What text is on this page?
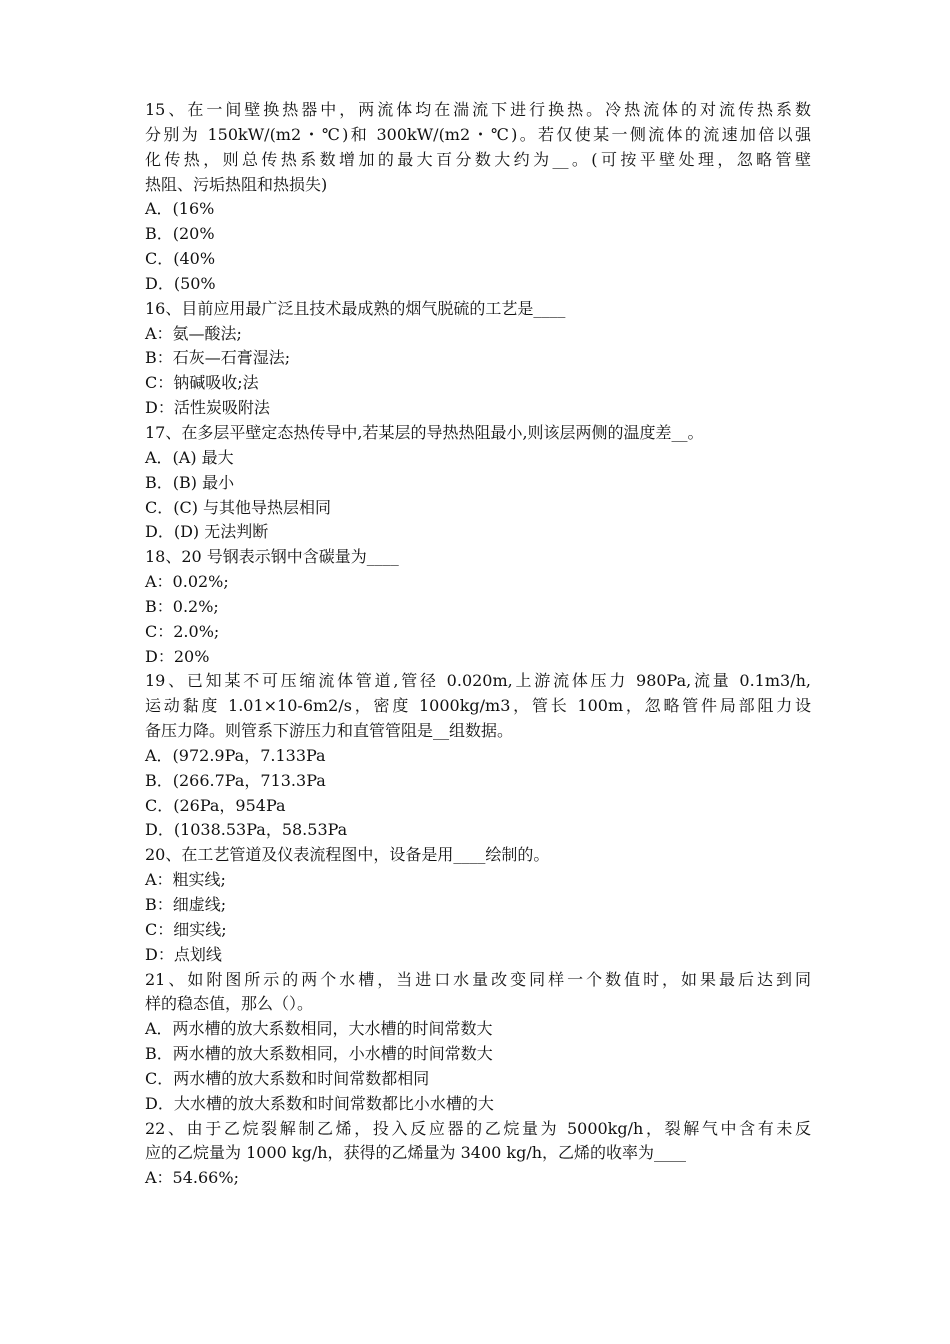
15、在一间壁换热器中，两流体均在湍流下进行换热。冷热流体的对流传热系数
分别为 150kW/(m2・℃)和 300kW/(m2・℃)。若仅使某一侧流体的流速加倍以强
化传热，则总传热系数增加的最大百分数大约为__。(可按平壁处理，忽略管壁
热阻、污垢热阻和热损失)
A．(16%
B．(20%
C．(40%
D．(50%
16、目前应用最广泛且技术最成熟的烟气脱硫的工艺是____
A：氨—酸法;
B：石灰—石膏湿法;
C：钠碱吸收;法
D：活性炭吸附法
17、在多层平壁定态热传导中,若某层的导热热阻最小,则该层两侧的温度差__。
A．(A) 最大
B．(B) 最小
C．(C) 与其他导热层相同
D．(D) 无法判断
18、20 号钢表示钢中含碳量为____
A：0.02%;
B：0.2%;
C：2.0%;
D：20%
19、已知某不可压缩流体管道,管径 0.020m,上游流体压力 980Pa,流量 0.1m3/h,
运动黏度 1.01×10-6m2/s，密度 1000kg/m3，管长 100m，忽略管件局部阻力设
备压力降。则管系下游压力和直管管阻是__组数据。
A．(972.9Pa，7.133Pa
B．(266.7Pa，713.3Pa
C．(26Pa，954Pa
D．(1038.53Pa，58.53Pa
20、在工艺管道及仪表流程图中，设备是用____绘制的。
A：粗实线;
B：细虚线;
C：细实线;
D：点划线
21、如附图所示的两个水槽，当进口水量改变同样一个数值时，如果最后达到同
样的稳态值，那么（）。
A．两水槽的放大系数相同，大水槽的时间常数大
B．两水槽的放大系数相同，小水槽的时间常数大
C．两水槽的放大系数和时间常数都相同
D．大水槽的放大系数和时间常数都比小水槽的大
22、由于乙烷裂解制乙烯，投入反应器的乙烷量为 5000kg/h，裂解气中含有未反
应的乙烷量为 1000 kg/h，获得的乙烯量为 3400 kg/h，乙烯的收率为____
A：54.66%;
